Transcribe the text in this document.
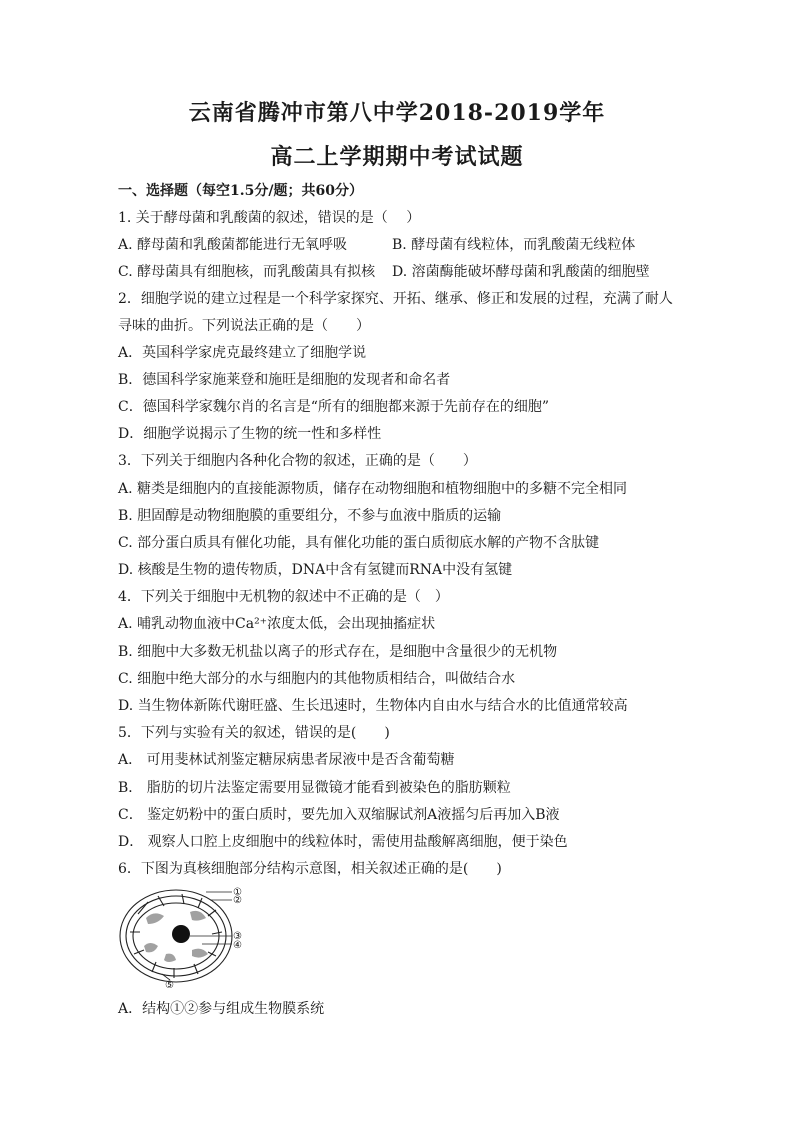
云南省腾冲市第八中学2018-2019学年
高二上学期期中考试试题
一、选择题（每空1.5分/题；共60分）
1. 关于酵母菌和乳酸菌的叙述，错误的是（　 ）
A. 酵母菌和乳酸菌都能进行无氧呼吸	B. 酵母菌有线粒体，而乳酸菌无线粒体
C. 酵母菌具有细胞核，而乳酸菌具有拟核 D. 溶菌酶能破坏酵母菌和乳酸菌的细胞壁
2．细胞学说的建立过程是一个科学家探究、开拓、继承、修正和发展的过程，充满了耐人
寻味的曲折。下列说法正确的是（　　）
A．英国科学家虎克最终建立了细胞学说
B．德国科学家施莱登和施旺是细胞的发现者和命名者
C．德国科学家魏尔肖的名言是“所有的细胞都来源于先前存在的细胞”
D．细胞学说揭示了生物的统一性和多样性
3．下列关于细胞内各种化合物的叙述，正确的是（　　）
A. 糖类是细胞内的直接能源物质，储存在动物细胞和植物细胞中的多糖不完全相同
B. 胆固醇是动物细胞膜的重要组分，不参与血液中脂质的运输
C. 部分蛋白质具有催化功能，具有催化功能的蛋白质彻底水解的产物不含肽键
D. 核酸是生物的遗传物质，DNA中含有氢键而RNA中没有氢键
4．下列关于细胞中无机物的叙述中不正确的是（　）
A. 哺乳动物血液中Ca²⁺浓度太低，会出现抽搐症状
B. 细胞中大多数无机盐以离子的形式存在，是细胞中含量很少的无机物
C. 细胞中绝大部分的水与细胞内的其他物质相结合，叫做结合水
D. 当生物体新陈代谢旺盛、生长迅速时，生物体内自由水与结合水的比值通常较高
5．下列与实验有关的叙述，错误的是(　　)
A． 可用斐林试剂鉴定糖尿病患者尿液中是否含葡萄糖
B． 脂肪的切片法鉴定需要用显微镜才能看到被染色的脂肪颗粒
C． 鉴定奶粉中的蛋白质时，要先加入双缩脲试剂A液摇匀后再加入B液
D． 观察人口腔上皮细胞中的线粒体时，需使用盐酸解离细胞，便于染色
6．下图为真核细胞部分结构示意图，相关叙述正确的是(　　)
①
②
③
④
⑤
A．结构①②参与组成生物膜系统
